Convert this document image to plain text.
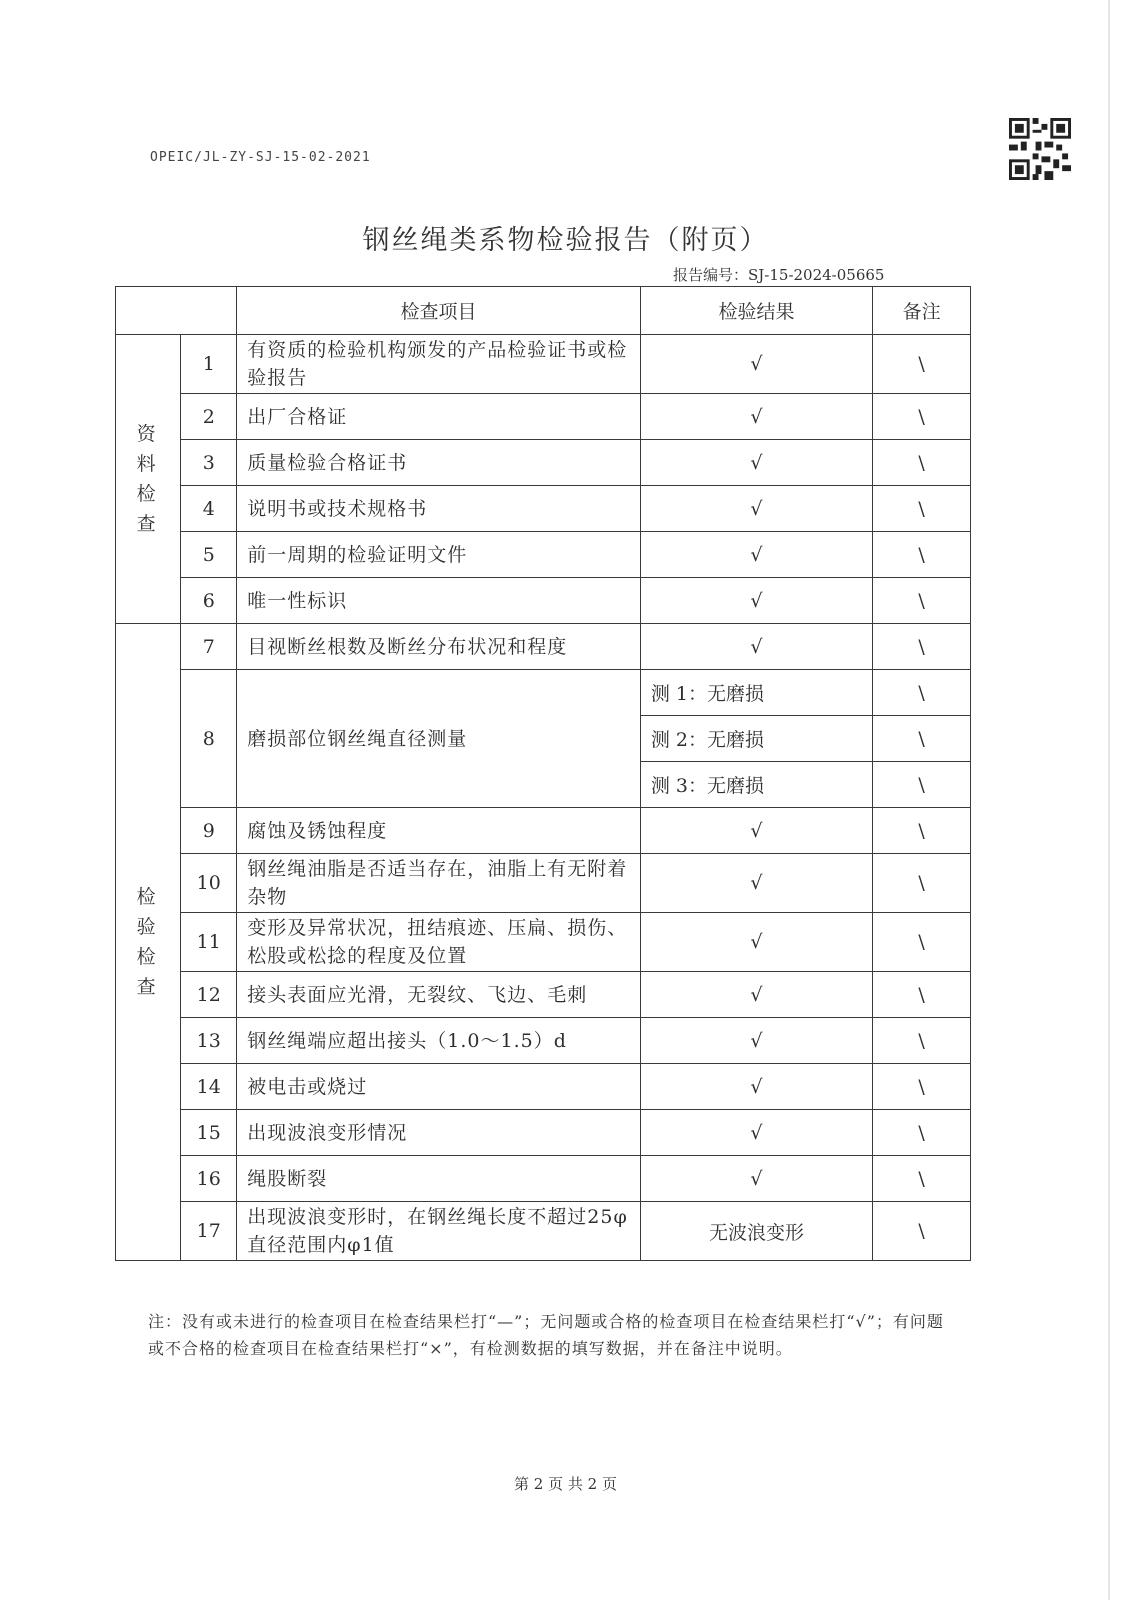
OPEIC/JL-ZY-SJ-15-02-2021
钢丝绳类系物检验报告（附页）
报告编号：SJ-15-2024-05665
		检查项目	检验结果	备注

资料检查	1	有资质的检验机构颁发的产品检验证书或检验报告	√	\
	2	出厂合格证	√	\
	3	质量检验合格证书	√	\
	4	说明书或技术规格书	√	\
	5	前一周期的检验证明文件	√	\
	6	唯一性标识	√	\

检验检查	7	目视断丝根数及断丝分布状况和程度	√	\
	8	磨损部位钢丝绳直径测量	测 1：无磨损	\
			测 2：无磨损	\
			测 3：无磨损	\
	9	腐蚀及锈蚀程度	√	\
	10	钢丝绳油脂是否适当存在，油脂上有无附着杂物	√	\
	11	变形及异常状况，扭结痕迹、压扁、损伤、松股或松捻的程度及位置	√	\
	12	接头表面应光滑，无裂纹、飞边、毛刺	√	\
	13	钢丝绳端应超出接头（1.0～1.5）d	√	\
	14	被电击或烧过	√	\
	15	出现波浪变形情况	√	\
	16	绳股断裂	√	\
	17	出现波浪变形时，在钢丝绳长度不超过25φ直径范围内φ1值	无波浪变形	\
注：没有或未进行的检查项目在检查结果栏打“—”；无问题或合格的检查项目在检查结果栏打“√”；有问题或不合格的检查项目在检查结果栏打“×”，有检测数据的填写数据，并在备注中说明。
第 2 页 共 2 页
